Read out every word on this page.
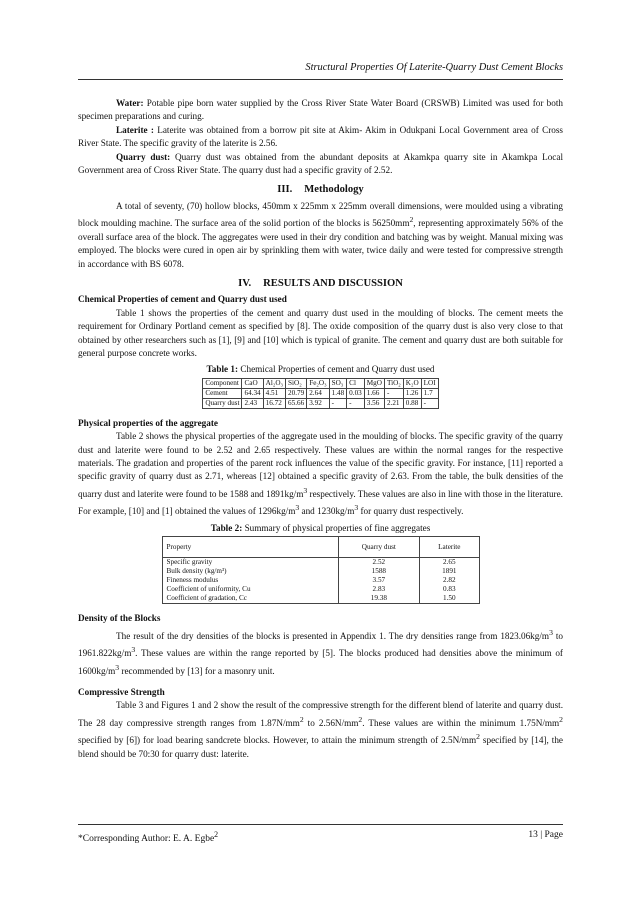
Structural Properties Of Laterite-Quarry Dust Cement Blocks

Water: Potable pipe born water supplied by the Cross River State Water Board (CRSWB) Limited was used for both specimen preparations and curing.

Laterite : Laterite was obtained from a borrow pit site at Akim- Akim in Odukpani Local Government area of Cross River State. The specific gravity of the laterite is 2.56.

Quarry dust: Quarry dust was obtained from the abundant deposits at Akamkpa quarry site in Akamkpa Local Government area of Cross River State. The quarry dust had a specific gravity of 2.52.

III. Methodology

A total of seventy, (70) hollow blocks, 450mm x 225mm x 225mm overall dimensions, were moulded using a vibrating block moulding machine. The surface area of the solid portion of the blocks is $56250mm^2$, representing approximately 56% of the overall surface area of the block. The aggregates were used in their dry condition and batching was by weight. Manual mixing was employed. The blocks were cured in open air by sprinkling them with water, twice daily and were tested for compressive strength in accordance with BS 6078.

IV. RESULTS AND DISCUSSION

Chemical Properties of cement and Quarry dust used

Table 1 shows the properties of the cement and quarry dust used in the moulding of blocks. The cement meets the requirement for Ordinary Portland cement as specified by [8]. The oxide composition of the quarry dust is also very close to that obtained by other researchers such as [1], [9] and [10] which is typical of granite. The cement and quarry dust are both suitable for general purpose concrete works.

Table 1: Chemical Properties of cement and Quarry dust used
Component	CaO	Al₂O₃	SiO₂	Fe₂O₃	SO₃	Cl	MgO	TiO₂	K₂O	LOI
Cement	64.34	4.51	20.79	2.64	1.48	0.03	1.66	-	1.26	1.7
Quarry dust	2.43	16.72	65.66	3.92	-	-	3.56	2.21	0.88	-

Physical properties of the aggregate

Table 2 shows the physical properties of the aggregate used in the moulding of blocks. The specific gravity of the quarry dust and laterite were found to be 2.52 and 2.65 respectively. These values are within the normal ranges for the respective materials. The gradation and properties of the parent rock influences the value of the specific gravity. For instance, [11] reported a specific gravity of quarry dust as 2.71, whereas [12] obtained a specific gravity of 2.63. From the table, the bulk densities of the quarry dust and laterite were found to be 1588 and $1891kg/m^3$ respectively. These values are also in line with those in the literature. For example, [10] and [1] obtained the values of $1296kg/m^3$ and $1230kg/m^3$ for quarry dust respectively.

Table 2: Summary of physical properties of fine aggregates
Property	Quarry dust	Laterite
Specific gravity	2.52	2.65
Bulk density (kg/m³)	1588	1891
Fineness modulus	3.57	2.82
Coefficient of uniformity, Cu	2.83	0.83
Coefficient of gradation, Cc	19.38	1.50

Density of the Blocks

The result of the dry densities of the blocks is presented in Appendix 1. The dry densities range from $1823.06kg/m^3$ to $1961.822kg/m^3$. These values are within the range reported by [5]. The blocks produced had densities above the minimum of $1600kg/m^3$ recommended by [13] for a masonry unit.

Compressive Strength

Table 3 and Figures 1 and 2 show the result of the compressive strength for the different blend of laterite and quarry dust. The 28 day compressive strength ranges from $1.87N/mm^2$ to $2.56N/mm^2$. These values are within the minimum $1.75N/mm^2$ specified by [6]) for load bearing sandcrete blocks. However, to attain the minimum strength of $2.5N/mm^2$ specified by [14], the blend should be 70:30 for quarry dust: laterite.

*Corresponding Author: E. A. Egbe$^2$	13 | Page
